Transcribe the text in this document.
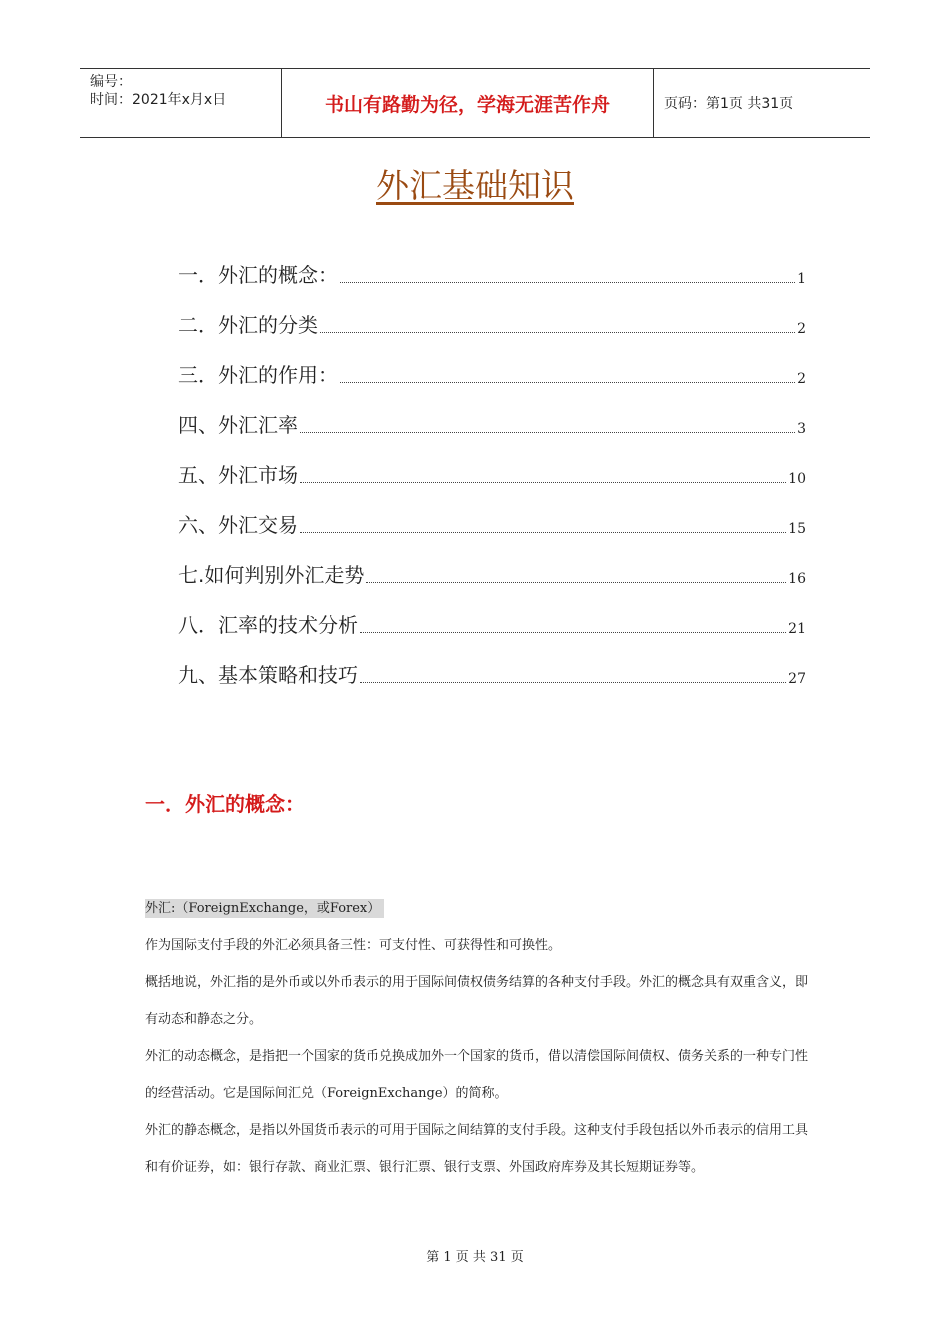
编号：
时间：2021年x月x日	书山有路勤为径，学海无涯苦作舟	页码：第1页 共31页
外汇基础知识
一．外汇的概念：	1
二．外汇的分类	2
三．外汇的作用：	2
四、外汇汇率	3
五、外汇市场	10
六、外汇交易	15
七.如何判别外汇走势	16
八．汇率的技术分析	21
九、基本策略和技巧	27
一．外汇的概念：

外汇:（ForeignExchange，或Forex）

作为国际支付手段的外汇必须具备三性：可支付性、可获得性和可换性。

概括地说，外汇指的是外币或以外币表示的用于国际间债权债务结算的各种支付手段。外汇的概念具有双重含义，即有动态和静态之分。

外汇的动态概念，是指把一个国家的货币兑换成加外一个国家的货币，借以清偿国际间债权、债务关系的一种专门性的经营活动。它是国际间汇兑（ForeignExchange）的简称。

外汇的静态概念，是指以外国货币表示的可用于国际之间结算的支付手段。这种支付手段包括以外币表示的信用工具和有价证券，如：银行存款、商业汇票、银行汇票、银行支票、外国政府库券及其长短期证券等。

第 1 页 共 31 页
